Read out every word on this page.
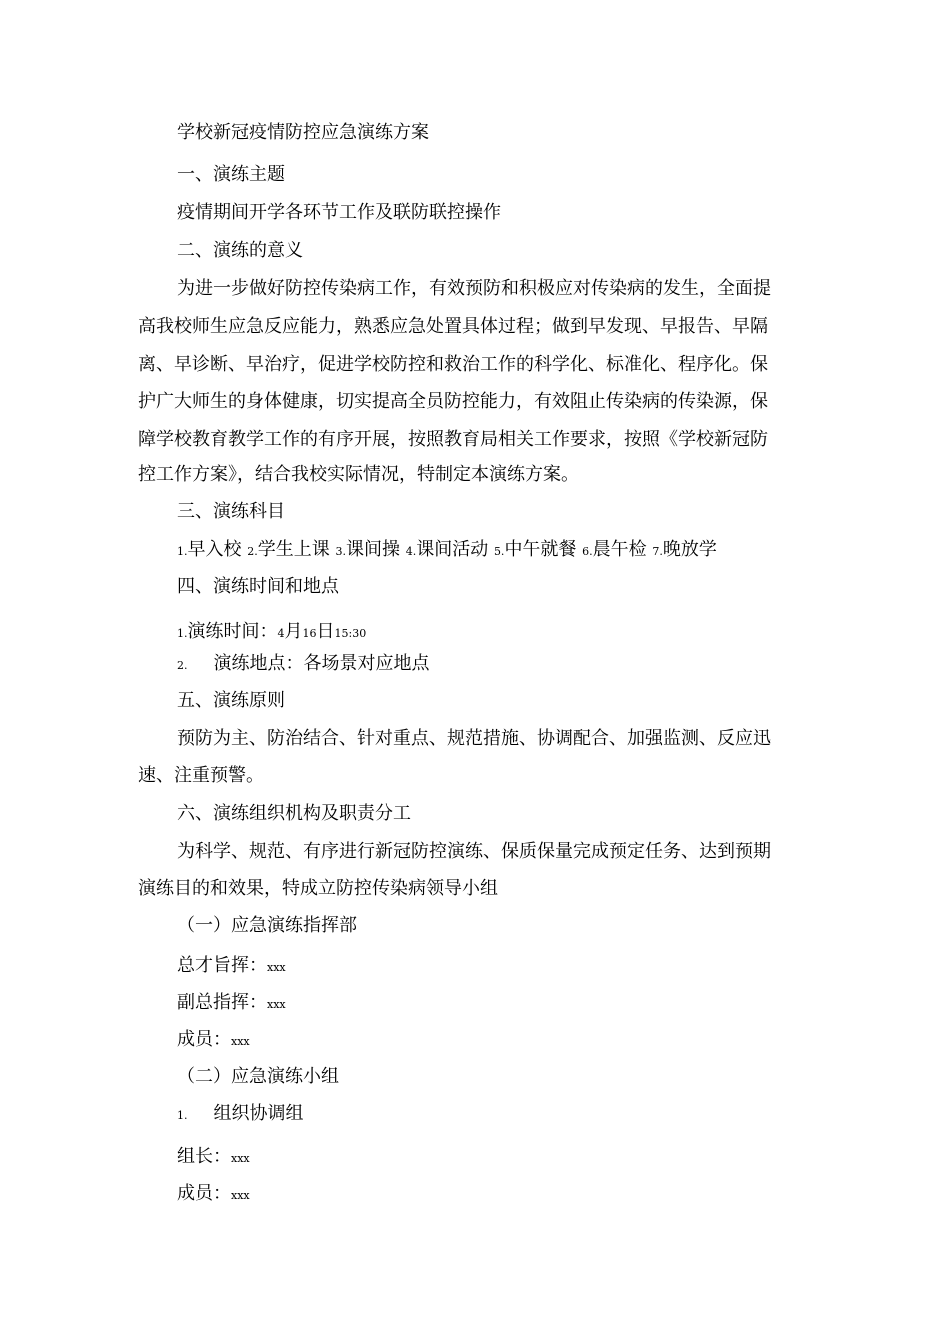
学校新冠疫情防控应急演练方案
一、演练主题
疫情期间开学各环节工作及联防联控操作
二、演练的意义
为进一步做好防控传染病工作，有效预防和积极应对传染病的发生，全面提
高我校师生应急反应能力，熟悉应急处置具体过程；做到早发现、早报告、早隔
离、早诊断、早治疗，促进学校防控和救治工作的科学化、标准化、程序化。保
护广大师生的身体健康，切实提高全员防控能力，有效阻止传染病的传染源，保
障学校教育教学工作的有序开展，按照教育局相关工作要求，按照《学校新冠防
控工作方案》，结合我校实际情况，特制定本演练方案。
三、演练科目
1.早入校 2.学生上课 3.课间操 4.课间活动 5.中午就餐 6.晨午检 7.晚放学
四、演练时间和地点
1.演练时间：4月16日15:30
2. 演练地点：各场景对应地点
五、演练原则
预防为主、防治结合、针对重点、规范措施、协调配合、加强监测、反应迅
速、注重预警。
六、演练组织机构及职责分工
为科学、规范、有序进行新冠防控演练、保质保量完成预定任务、达到预期
演练目的和效果，特成立防控传染病领导小组
（一）应急演练指挥部
总才旨挥：xxx
副总指挥：xxx
成员：xxx
（二）应急演练小组
1. 组织协调组
组长：xxx
成员：xxx
